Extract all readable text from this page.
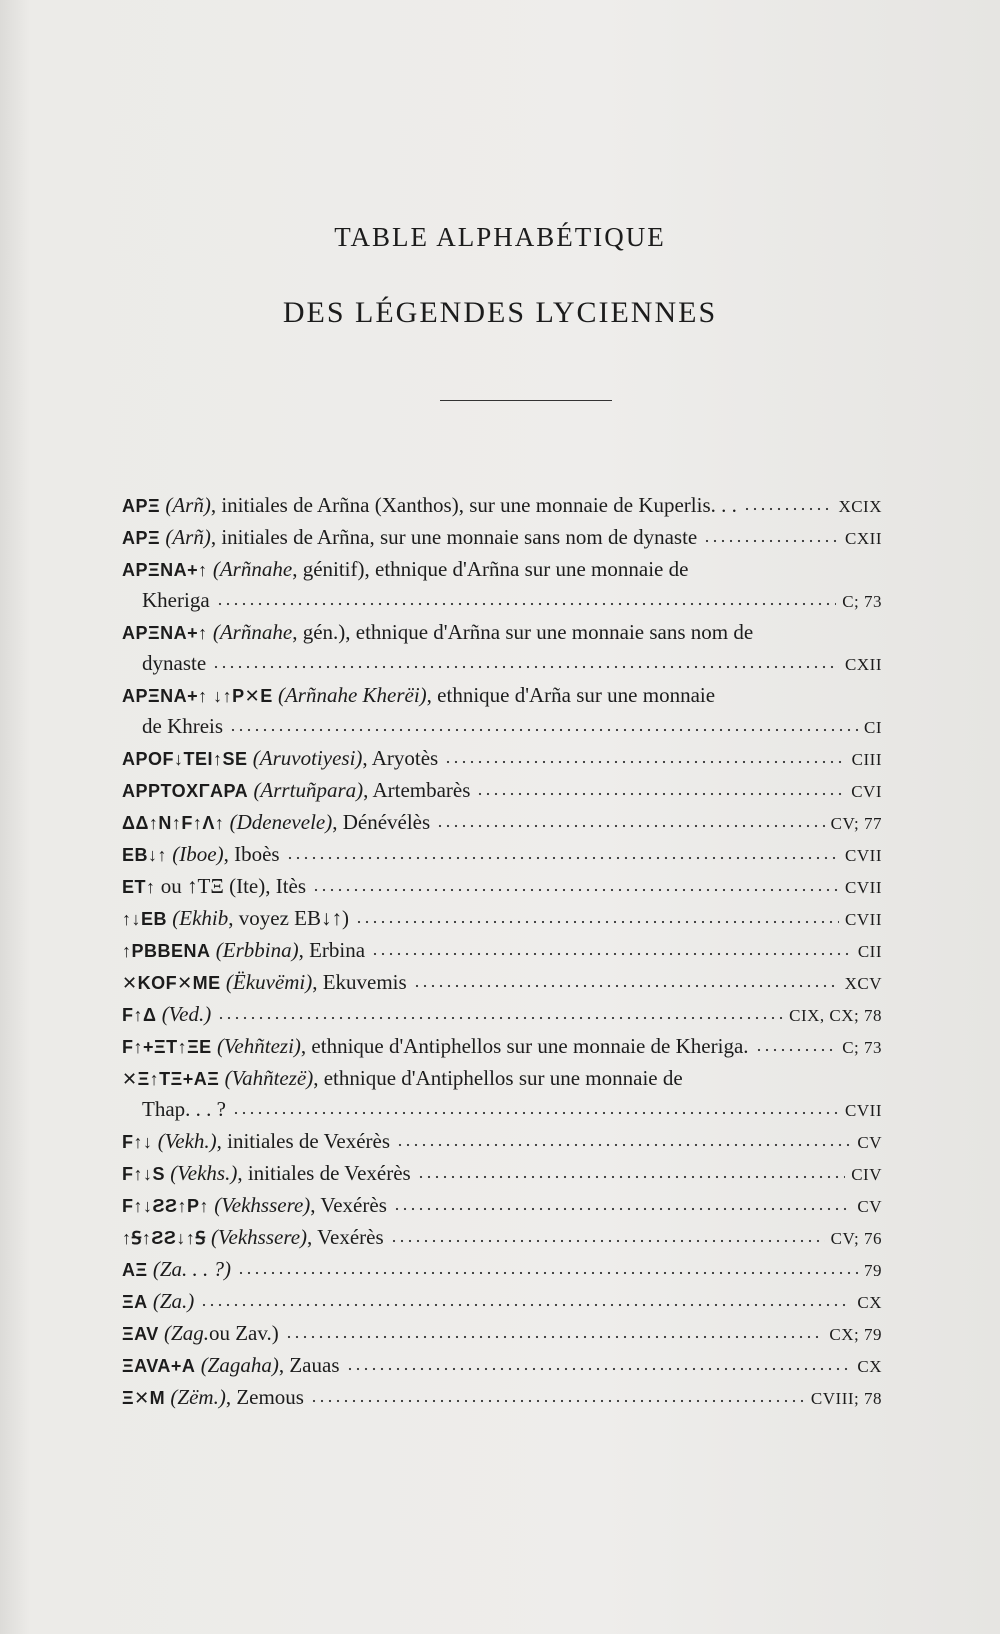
TABLE ALPHABÉTIQUE
DES LÉGENDES LYCIENNES
APΞ
(Arñ) , initiales de Arñna (Xanthos), sur une monnaie de Kuperlis. . .	XCIX
APΞ
(Arñ) , initiales de Arñna, sur une monnaie sans nom de dynaste	CXII
APΞNA+↑
(Arñnahe , génitif), ethnique d'Arñna sur une monnaie de
Kheriga	C; 73
APΞNA+↑
(Arñnahe , gén.), ethnique d'Arñna sur une monnaie sans nom de
dynaste	CXII
APΞNA+↑ ↓↑P✕E
(Arñnahe Kherëi) , ethnique d'Arña sur une monnaie
de Khreis	CI
APOF↓TEI↑SE
(Aruvotiyesi) , Aryotès	CIII
APPTOXΓAPA
(Arrtuñpara) , Artembarès	CVI
ΔΔ↑N↑F↑Λ↑
(Ddenevele) , Dénévélès	CV; 77
EB↓↑
(Iboe) , Iboès	CVII
ET↑
ou ↑TΞ (Ite), Itès	CVII
↑↓EB
(Ekhib , voyez EB↓↑)	CVII
↑PBBENA
(Erbbina) , Erbina	CII
✕KOF✕ME
(Ëkuvëmi) , Ekuvemis	XCV
F↑Δ
(Ved.)	CIX, CX; 78
F↑+ΞT↑ΞE
(Vehñtezi) , ethnique d'Antiphellos sur une monnaie de Kheriga.	C; 73
✕Ξ↑TΞ+AΞ
(Vahñtezë) , ethnique d'Antiphellos sur une monnaie de
Thap. . . ?	CVII
F↑↓
(Vekh.) , initiales de Vexérès	CV
F↑↓S
(Vekhs.) , initiales de Vexérès	CIV
F↑↓ƧƧ↑P↑
(Vekhssere) , Vexérès	CV
↑Ꟊ↑ƧƧ↓↑Ꟊ
(Vekhssere) , Vexérès	CV; 76
AΞ
(Za. . . ?)	79
ΞA
(Za.)	CX
ΞAV
(Zag. ou Zav.)	CX; 79
ΞAVA+A
(Zagaha) , Zauas	CX
Ξ✕M
(Zëm.) , Zemous	CVIII; 78
